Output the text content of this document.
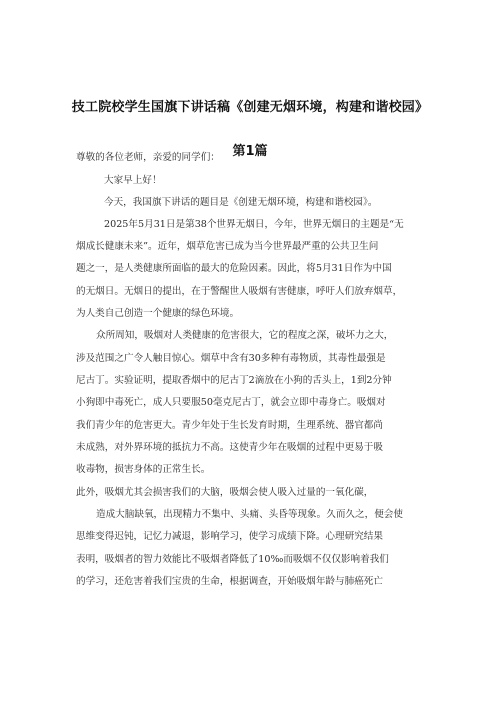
技工院校学生国旗下讲话稿《创建无烟环境，构建和谐校园》
第1篇
尊敬的各位老师，亲爱的同学们：
大家早上好！
今天，我国旗下讲话的题目是《创建无烟环境，构建和谐校园》。
2025年5月31日是第38个世界无烟日，今年，世界无烟日的主题是“无
烟成长健康未来”。近年，烟草危害已成为当今世界最严重的公共卫生问
题之一，是人类健康所面临的最大的危险因素。因此，将5月31日作为中国
的无烟日。无烟日的提出，在于警醒世人吸烟有害健康，呼吁人们放弃烟草，
为人类自己创造一个健康的绿色环境。
众所周知，吸烟对人类健康的危害很大，它的程度之深，破坏力之大，
涉及范围之广令人触目惊心。烟草中含有30多种有毒物质，其毒性最强是
尼古丁。实验证明，提取香烟中的尼古丁2滴放在小狗的舌头上，1到2分钟
小狗即中毒死亡，成人只要服50毫克尼古丁，就会立即中毒身亡。吸烟对
我们青少年的危害更大。青少年处于生长发育时期，生理系统、器官都尚
未成熟，对外界环境的抵抗力不高。这使青少年在吸烟的过程中更易于吸
收毒物，损害身体的正常生长。
此外，吸烟尤其会损害我们的大脑，吸烟会使人吸入过量的一氧化碳，
造成大脑缺氧，出现精力不集中、头痛、头昏等现象。久而久之，便会使
思维变得迟钝，记忆力减退，影响学习，使学习成绩下降。心理研究结果
表明，吸烟者的智力效能比不吸烟者降低了10‰而吸烟不仅仅影响着我们
的学习，还危害着我们宝贵的生命，根据调查，开始吸烟年龄与肺癌死亡
